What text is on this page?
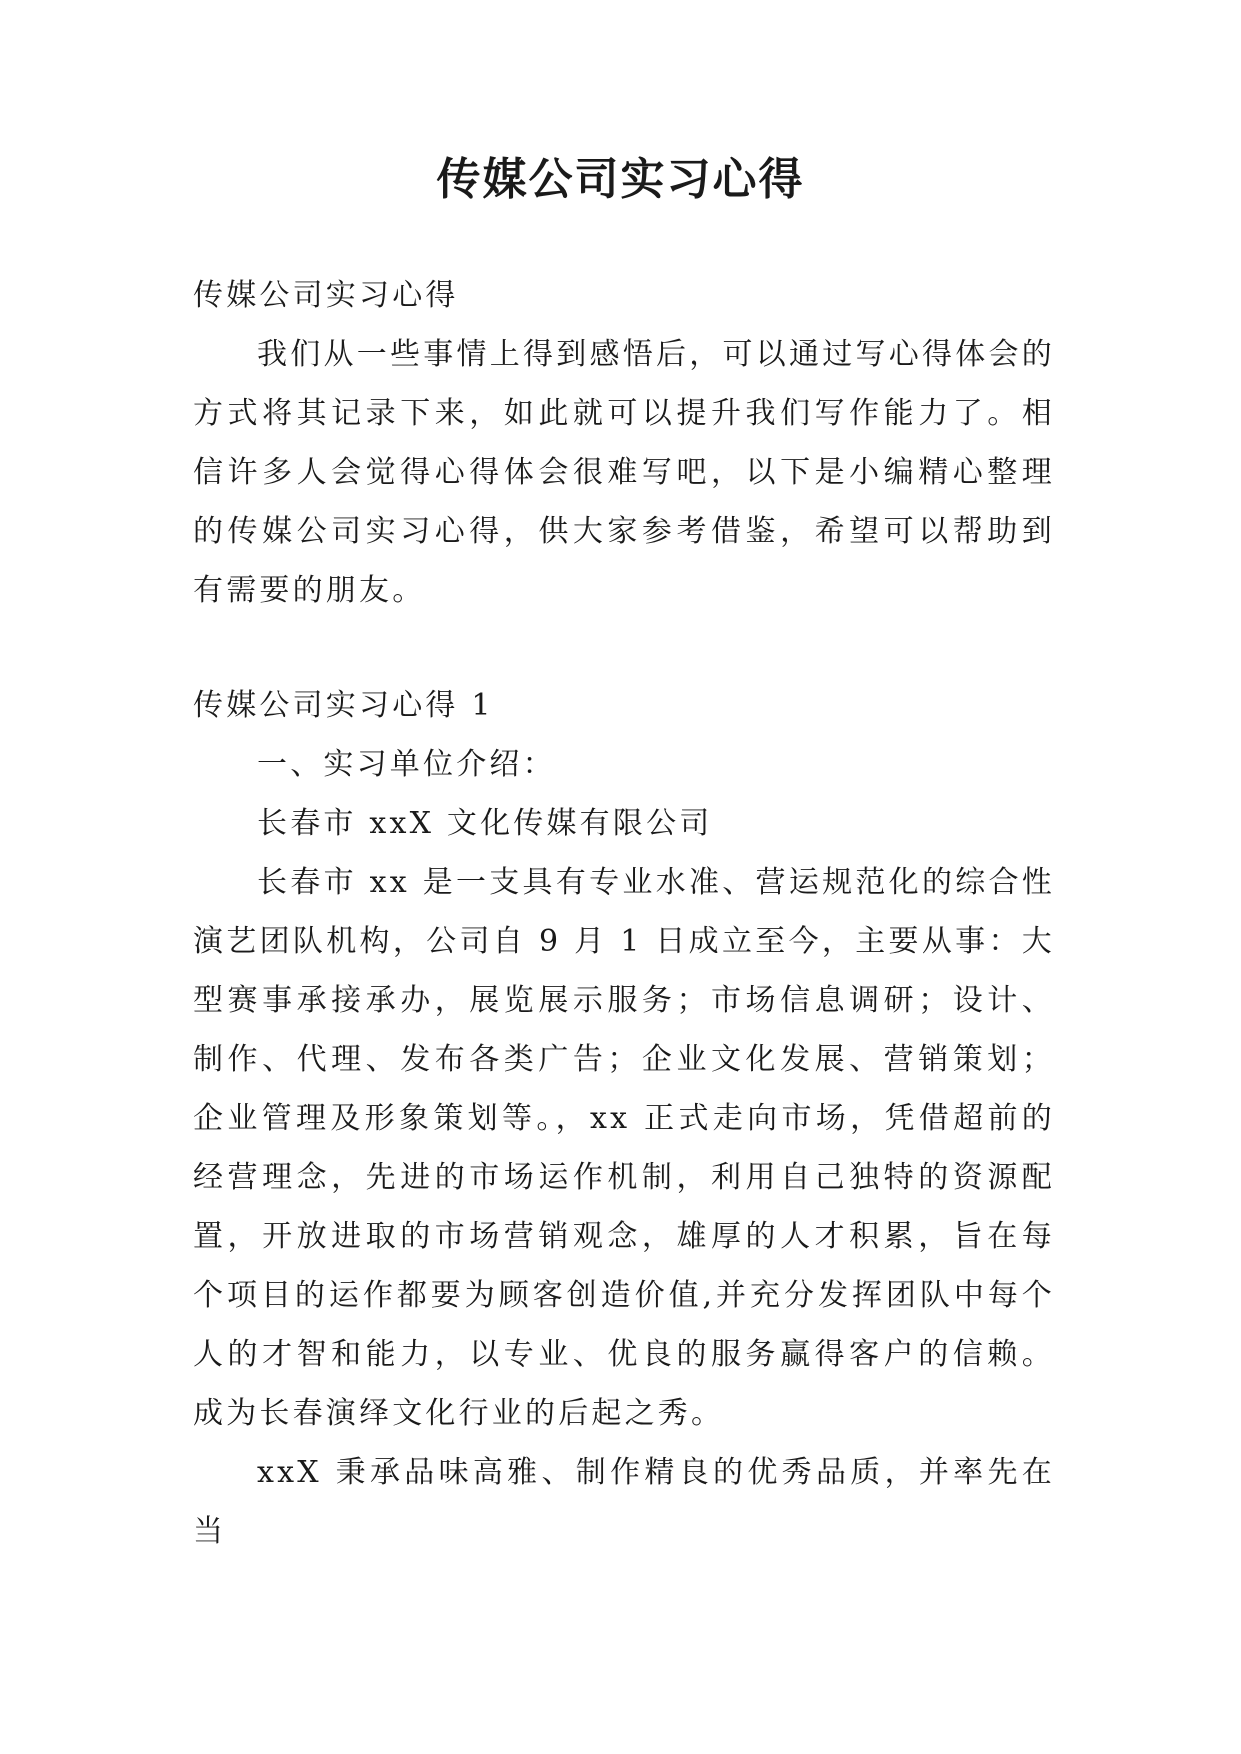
传媒公司实习心得

传媒公司实习心得

我们从一些事情上得到感悟后，可以通过写心得体会的方式将其记录下来，如此就可以提升我们写作能力了。相信许多人会觉得心得体会很难写吧，以下是小编精心整理的传媒公司实习心得，供大家参考借鉴，希望可以帮助到有需要的朋友。

传媒公司实习心得 1

一、实习单位介绍：

长春市 xxX 文化传媒有限公司

长春市 xx 是一支具有专业水准、营运规范化的综合性演艺团队机构，公司自 9 月 1 日成立至今，主要从事：大型赛事承接承办，展览展示服务；市场信息调研；设计、制作、代理、发布各类广告；企业文化发展、营销策划；企业管理及形象策划等。，xx 正式走向市场，凭借超前的经营理念，先进的市场运作机制，利用自己独特的资源配置，开放进取的市场营销观念，雄厚的人才积累，旨在每个项目的运作都要为顾客创造价值,并充分发挥团队中每个人的才智和能力，以专业、优良的服务赢得客户的信赖。成为长春演绎文化行业的后起之秀。

xxX 秉承品味高雅、制作精良的优秀品质，并率先在当
